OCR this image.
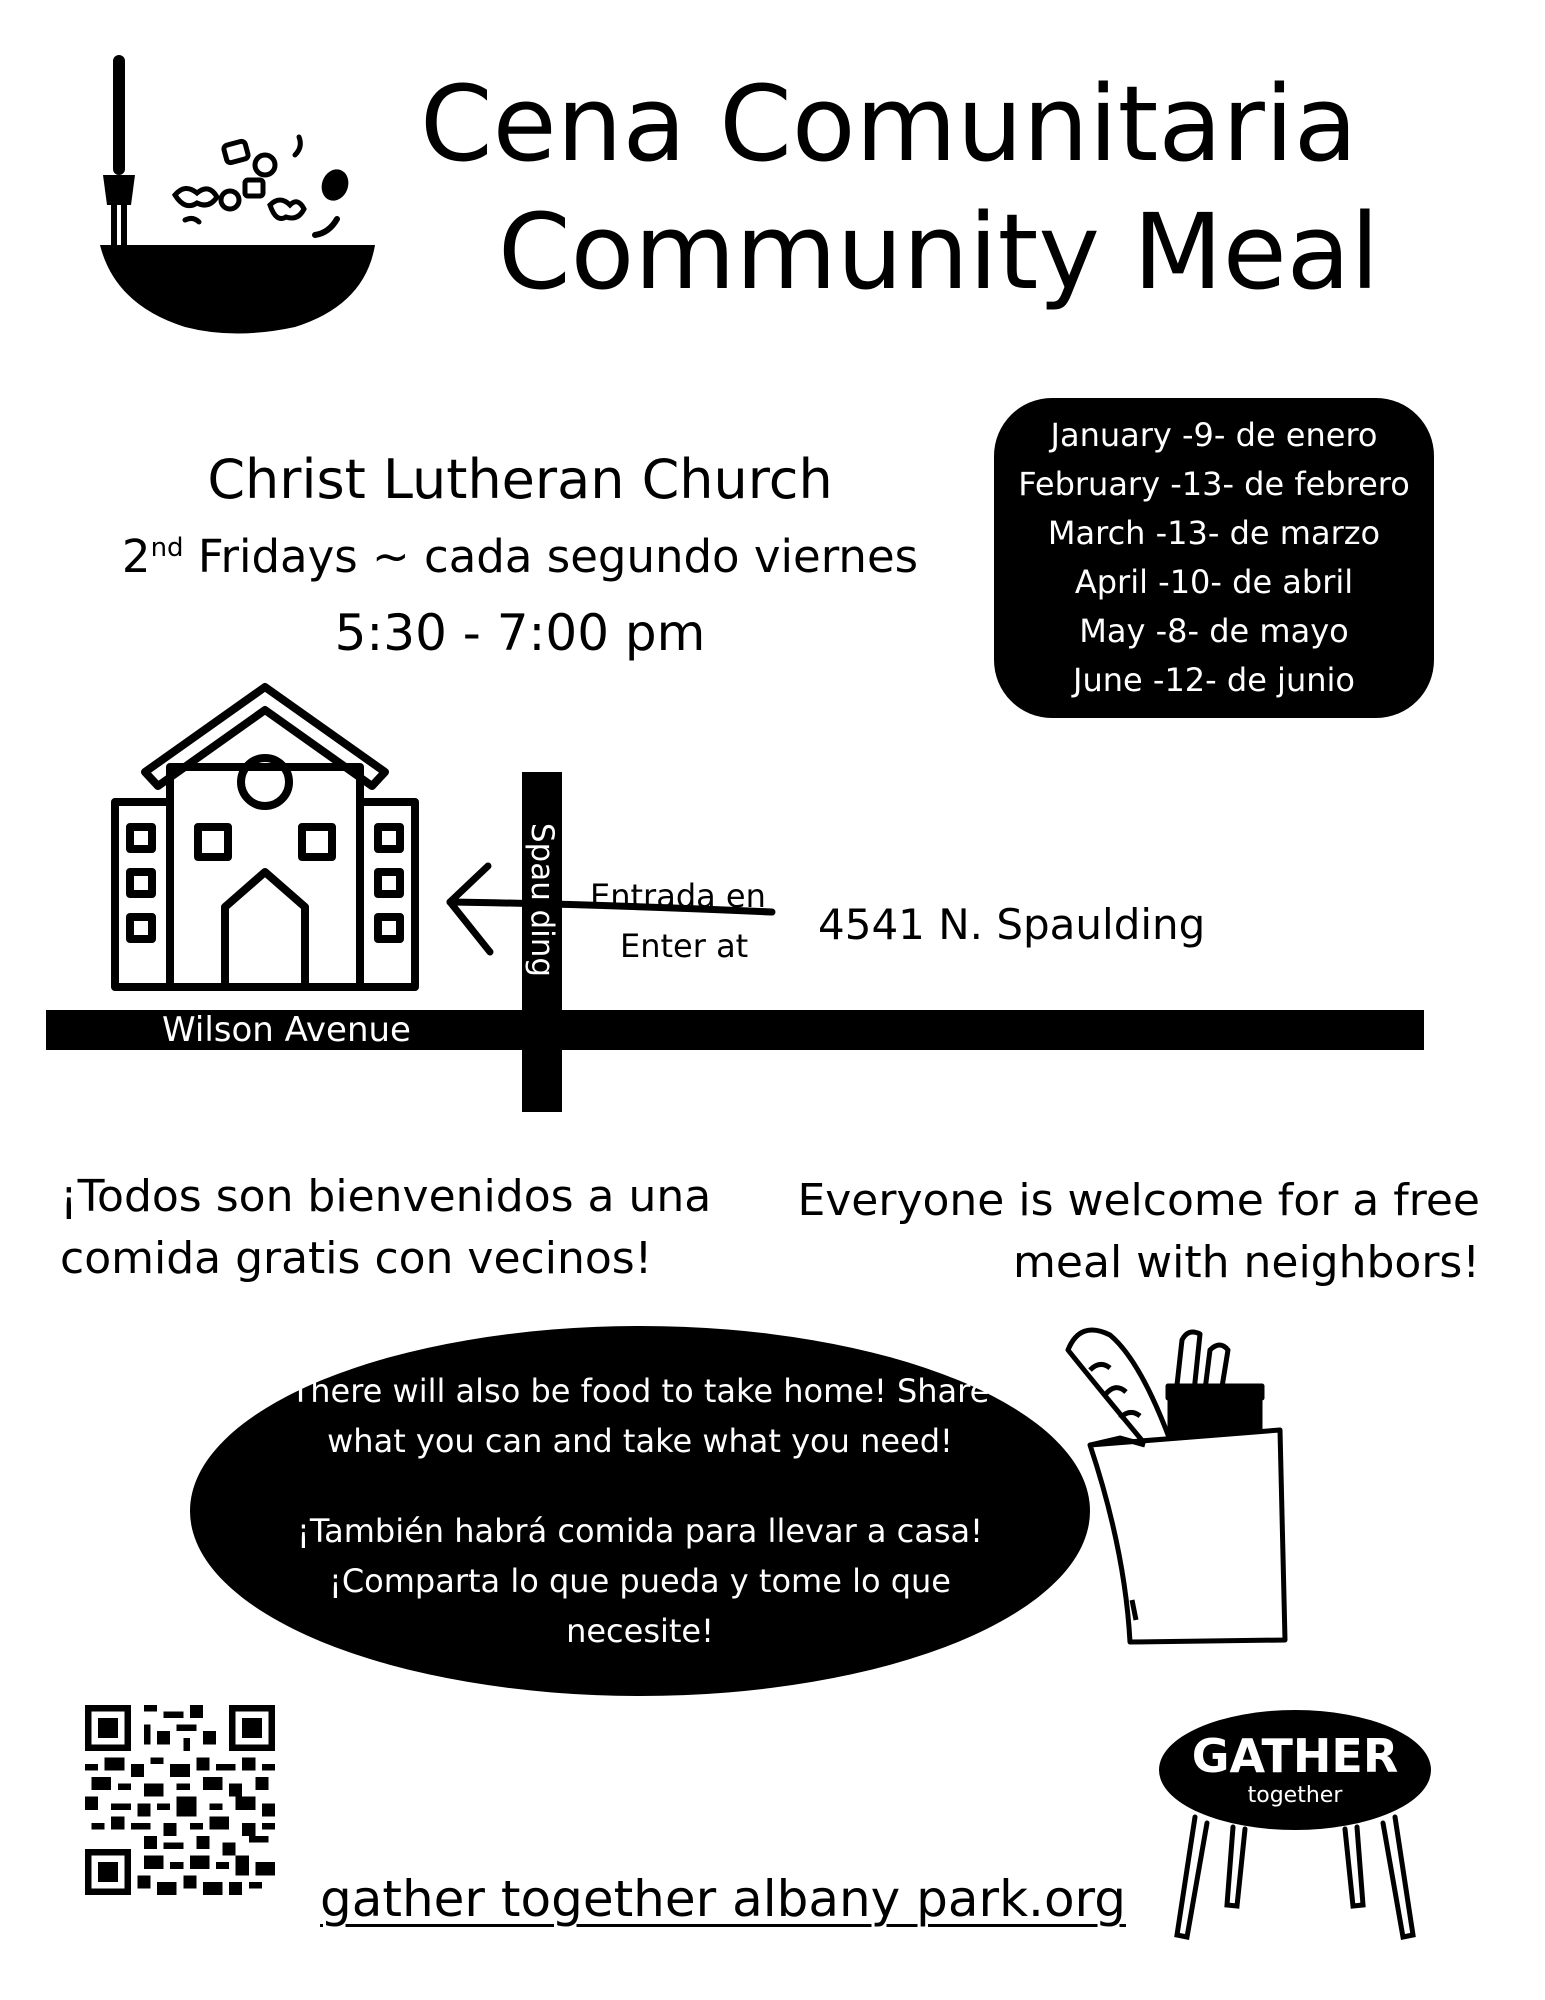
Cena Comunitaria
Community Meal
January -9- de enero
February -13- de febrero
March -13- de marzo
April -10- de abril
May -8- de mayo
June -12- de junio
Christ Lutheran Church
2nd Fridays ~ cada segundo viernes
5:30 - 7:00 pm
Wilson Avenue
Spaulding Entrada en
Enter at 4541 N. Spaulding
¡Todos son bienvenidos a una comida gratis con vecinos!
Everyone is welcome for a free meal with neighbors!

There will also be food to take home! Share what you can and take what you need!

¡También habrá comida para llevar a casa! ¡Comparta lo que pueda y tome lo que necesite!

gather together albany park.org
GATHER
together
